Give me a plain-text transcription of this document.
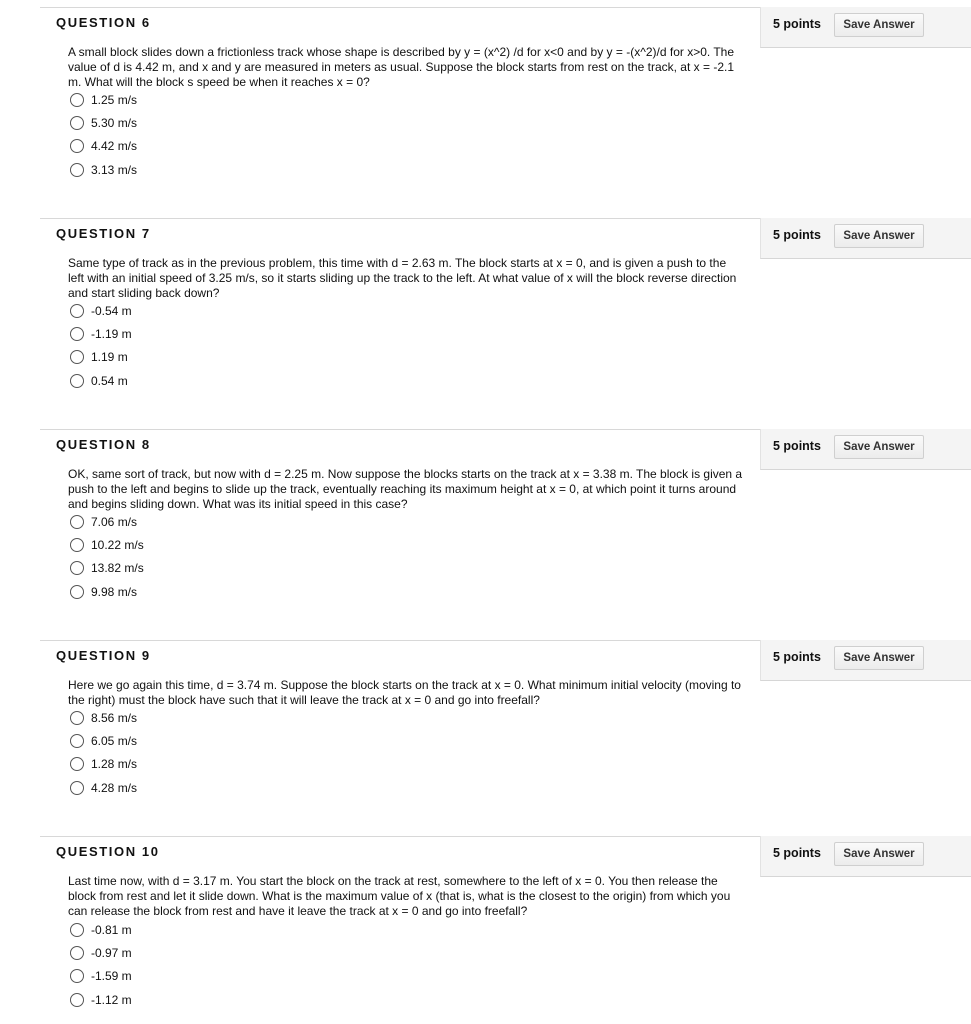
QUESTION 6	5 points	Save Answer
A small block slides down a frictionless track whose shape is described by y = (x^2) /d for x<0 and by y = -(x^2)/d for x>0. The value of d is 4.42 m, and x and y are measured in meters as usual. Suppose the block starts from rest on the track, at x = -2.1 m. What will the block s speed be when it reaches x = 0?
1.25 m/s
5.30 m/s
4.42 m/s
3.13 m/s
QUESTION 7	5 points	Save Answer
Same type of track as in the previous problem, this time with d = 2.63 m. The block starts at x = 0, and is given a push to the left with an initial speed of 3.25 m/s, so it starts sliding up the track to the left. At what value of x will the block reverse direction and start sliding back down?
-0.54 m
-1.19 m
1.19 m
0.54 m
QUESTION 8	5 points	Save Answer
OK, same sort of track, but now with d = 2.25 m. Now suppose the blocks starts on the track at x = 3.38 m. The block is given a push to the left and begins to slide up the track, eventually reaching its maximum height at x = 0, at which point it turns around and begins sliding down. What was its initial speed in this case?
7.06 m/s
10.22 m/s
13.82 m/s
9.98 m/s
QUESTION 9	5 points	Save Answer
Here we go again this time, d = 3.74 m. Suppose the block starts on the track at x = 0. What minimum initial velocity (moving to the right) must the block have such that it will leave the track at x = 0 and go into freefall?
8.56 m/s
6.05 m/s
1.28 m/s
4.28 m/s
QUESTION 10	5 points	Save Answer
Last time now, with d = 3.17 m. You start the block on the track at rest, somewhere to the left of x = 0. You then release the block from rest and let it slide down. What is the maximum value of x (that is, what is the closest to the origin) from which you can release the block from rest and have it leave the track at x = 0 and go into freefall?
-0.81 m
-0.97 m
-1.59 m
-1.12 m
